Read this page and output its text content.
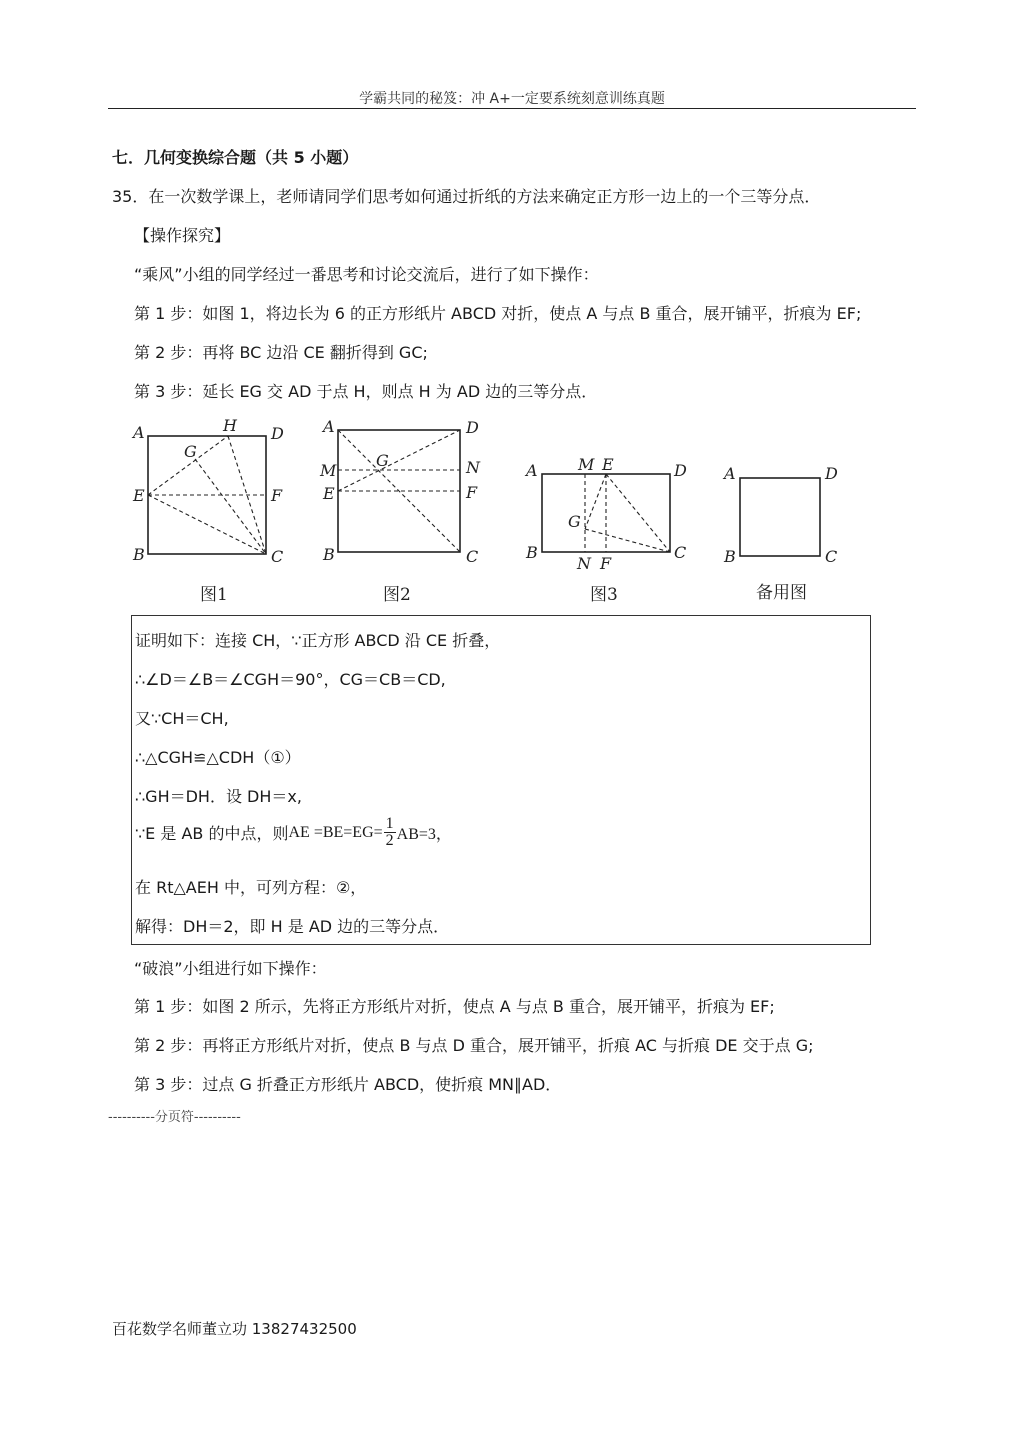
学霸共同的秘笈：冲 A+一定要系统刻意训练真题
七．几何变换综合题（共 5 小题）
35．在一次数学课上，老师请同学们思考如何通过折纸的方法来确定正方形一边上的一个三等分点．
【操作探究】
“乘风”小组的同学经过一番思考和讨论交流后，进行了如下操作：
第 1 步：如图 1，将边长为 6 的正方形纸片 ABCD 对折，使点 A 与点 B 重合，展开铺平，折痕为 EF;
第 2 步：再将 BC 边沿 CE 翻折得到 GC;
第 3 步：延长 EG 交 AD 于点 H，则点 H 为 AD 边的三等分点．
A	H D
G
E	F
B	C
图1
A	D
M
G	N
E	F
B	C
图2
A	M E	D
G
B
N F
C
图3
A	D
B	C
备用图
证明如下：连接 CH，∵正方形 ABCD 沿 CE 折叠，
∴∠D＝∠B＝∠CGH＝90°，CG＝CB＝CD,
又∵CH＝CH,
∴△CGH≌△CDH（①）
∴GH＝DH．设 DH＝x,
∵E 是 AB 的中点，则 AE $=BE=EG= \frac{1}{2} AB=3$，
在 Rt△AEH 中，可列方程：②，
解得：DH＝2，即 H 是 AD 边的三等分点．
“破浪”小组进行如下操作：
第 1 步：如图 2 所示，先将正方形纸片对折，使点 A 与点 B 重合，展开铺平，折痕为 EF;
第 2 步：再将正方形纸片对折，使点 B 与点 D 重合，展开铺平，折痕 AC 与折痕 DE 交于点 G;
第 3 步：过点 G 折叠正方形纸片 ABCD，使折痕 MN∥AD．
----------分页符----------
百花数学名师董立功 13827432500
